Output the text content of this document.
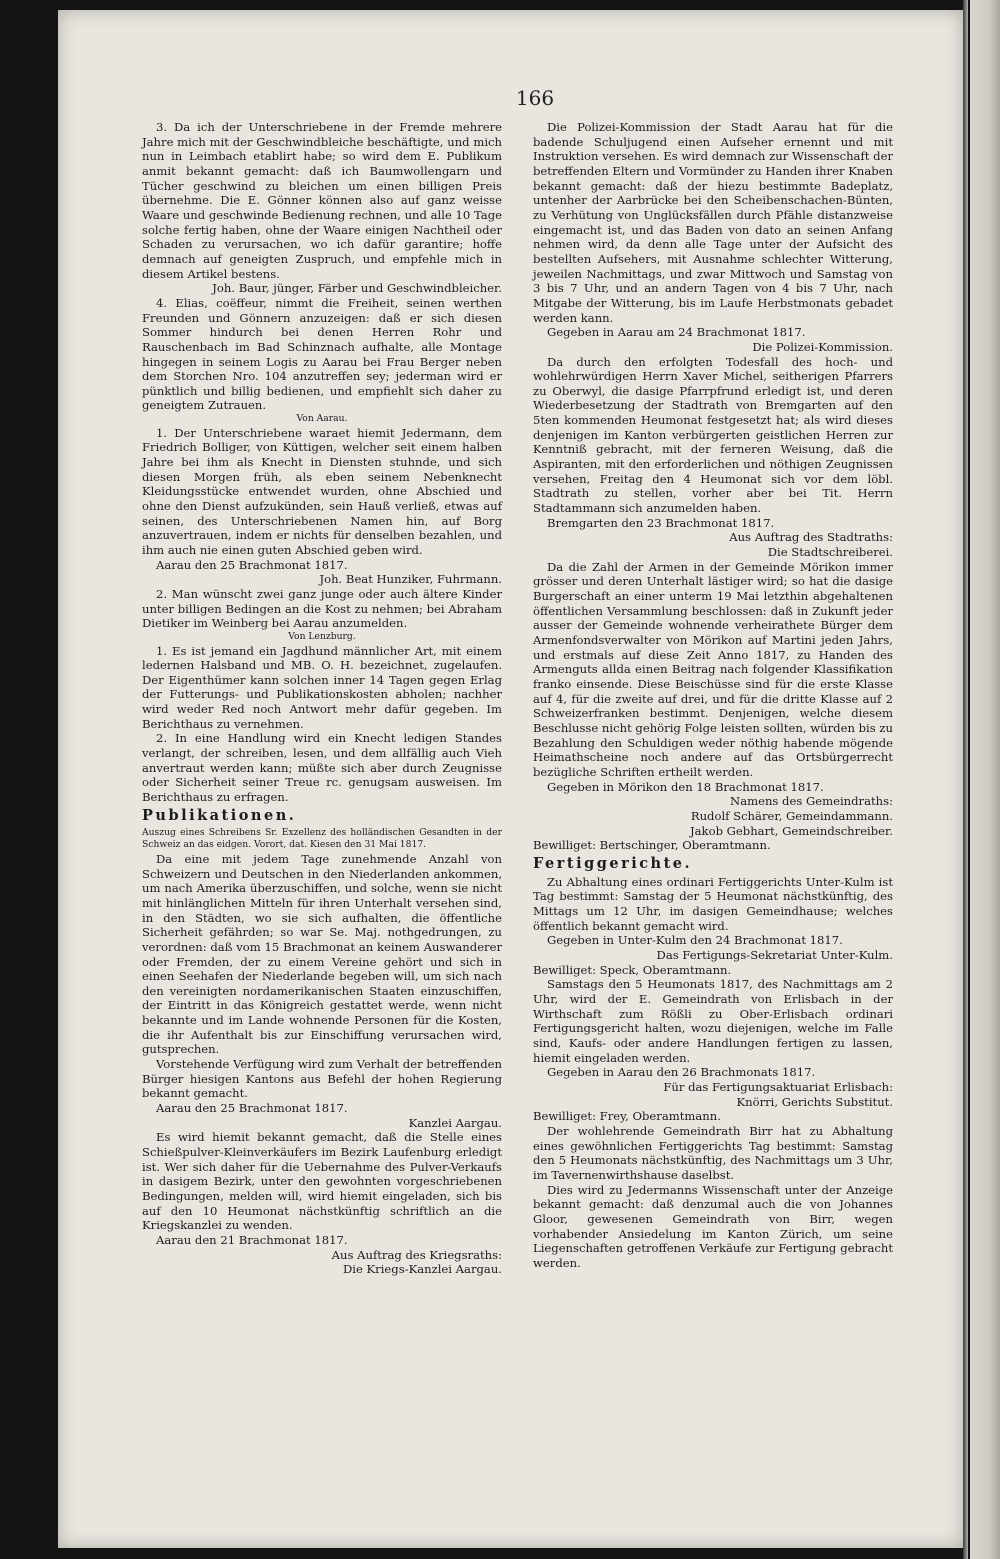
166

3. Da ich der Unterschriebene in der Fremde mehrere Jahre mich mit der Geschwindbleiche beschäftigte, und mich nun in Leimbach etablirt habe; so wird dem E. Publikum anmit bekannt gemacht: daß ich Baumwollengarn und Tücher geschwind zu bleichen um einen billigen Preis übernehme. Die E. Gönner können also auf ganz weisse Waare und geschwinde Bedienung rechnen, und alle 10 Tage solche fertig haben, ohne der Waare einigen Nachtheil oder Schaden zu verursachen, wo ich dafür garantire; hoffe demnach auf geneigten Zuspruch, und empfehle mich in diesem Artikel bestens.

Joh. Baur, jünger, Färber und Geschwindbleicher.

4. Elias, coëffeur, nimmt die Freiheit, seinen werthen Freunden und Gönnern anzuzeigen: daß er sich diesen Sommer hindurch bei denen Herren Rohr und Rauschenbach im Bad Schinznach aufhalte, alle Montage hingegen in seinem Logis zu Aarau bei Frau Berger neben dem Storchen Nro. 104 anzutreffen sey; jederman wird er pünktlich und billig bedienen, und empfiehlt sich daher zu geneigtem Zutrauen.

Von Aarau.

1. Der Unterschriebene waraet hiemit Jedermann, dem Friedrich Bolliger, von Küttigen, welcher seit einem halben Jahre bei ihm als Knecht in Diensten stuhnde, und sich diesen Morgen früh, als eben seinem Nebenknecht Kleidungsstücke entwendet wurden, ohne Abschied und ohne den Dienst aufzukünden, sein Hauß verließ, etwas auf seinen, des Unterschriebenen Namen hin, auf Borg anzuvertrauen, indem er nichts für denselben bezahlen, und ihm auch nie einen guten Abschied geben wird.

Aarau den 25 Brachmonat 1817.

Joh. Beat Hunziker, Fuhrmann.

2. Man wünscht zwei ganz junge oder auch ältere Kinder unter billigen Bedingen an die Kost zu nehmen; bei Abraham Dietiker im Weinberg bei Aarau anzumelden.

Von Lenzburg.

1. Es ist jemand ein Jagdhund männlicher Art, mit einem ledernen Halsband und MB. O. H. bezeichnet, zugelaufen. Der Eigenthümer kann solchen inner 14 Tagen gegen Erlag der Futterungs- und Publikationskosten abholen; nachher wird weder Red noch Antwort mehr dafür gegeben. Im Berichthaus zu vernehmen.

2. In eine Handlung wird ein Knecht ledigen Standes verlangt, der schreiben, lesen, und dem allfällig auch Vieh anvertraut werden kann; müßte sich aber durch Zeugnisse oder Sicherheit seiner Treue rc. genugsam ausweisen. Im Berichthaus zu erfragen.

Publikationen.

Auszug eines Schreibens Sr. Exzellenz des holländischen Gesandten in der Schweiz an das eidgen. Vorort, dat. Kiesen den 31 Mai 1817.

Da eine mit jedem Tage zunehmende Anzahl von Schweizern und Deutschen in den Niederlanden ankommen, um nach Amerika überzuschiffen, und solche, wenn sie nicht mit hinlänglichen Mitteln für ihren Unterhalt versehen sind, in den Städten, wo sie sich aufhalten, die öffentliche Sicherheit gefährden; so war Se. Maj. nothgedrungen, zu verordnen: daß vom 15 Brachmonat an keinem Auswanderer oder Fremden, der zu einem Vereine gehört und sich in einen Seehafen der Niederlande begeben will, um sich nach den vereinigten nordamerikanischen Staaten einzuschiffen, der Eintritt in das Königreich gestattet werde, wenn nicht bekannte und im Lande wohnende Personen für die Kosten, die ihr Aufenthalt bis zur Einschiffung verursachen wird, gutsprechen.

Vorstehende Verfügung wird zum Verhalt der betreffenden Bürger hiesigen Kantons aus Befehl der hohen Regierung bekannt gemacht.

Aarau den 25 Brachmonat 1817.

Kanzlei Aargau.

Es wird hiemit bekannt gemacht, daß die Stelle eines Schießpulver-Kleinverkäufers im Bezirk Laufenburg erledigt ist. Wer sich daher für die Uebernahme des Pulver-Verkaufs in dasigem Bezirk, unter den gewohnten vorgeschriebenen Bedingungen, melden will, wird hiemit eingeladen, sich bis auf den 10 Heumonat nächstkünftig schriftlich an die Kriegskanzlei zu wenden.

Aarau den 21 Brachmonat 1817.

Aus Auftrag des Kriegsraths:

Die Kriegs-Kanzlei Aargau.

Die Polizei-Kommission der Stadt Aarau hat für die badende Schuljugend einen Aufseher ernennt und mit Instruktion versehen. Es wird demnach zur Wissenschaft der betreffenden Eltern und Vormünder zu Handen ihrer Knaben bekannt gemacht: daß der hiezu bestimmte Badeplatz, untenher der Aarbrücke bei den Scheibenschachen-Bünten, zu Verhütung von Unglücksfällen durch Pfähle distanzweise eingemacht ist, und das Baden von dato an seinen Anfang nehmen wird, da denn alle Tage unter der Aufsicht des bestellten Aufsehers, mit Ausnahme schlechter Witterung, jeweilen Nachmittags, und zwar Mittwoch und Samstag von 3 bis 7 Uhr, und an andern Tagen von 4 bis 7 Uhr, nach Mitgabe der Witterung, bis im Laufe Herbstmonats gebadet werden kann.

Gegeben in Aarau am 24 Brachmonat 1817.

Die Polizei-Kommission.

Da durch den erfolgten Todesfall des hoch- und wohlehrwürdigen Herrn Xaver Michel, seitherigen Pfarrers zu Oberwyl, die dasige Pfarrpfrund erledigt ist, und deren Wiederbesetzung der Stadtrath von Bremgarten auf den 5ten kommenden Heumonat festgesetzt hat; als wird dieses denjenigen im Kanton verbürgerten geistlichen Herren zur Kenntniß gebracht, mit der ferneren Weisung, daß die Aspiranten, mit den erforderlichen und nöthigen Zeugnissen versehen, Freitag den 4 Heumonat sich vor dem löbl. Stadtrath zu stellen, vorher aber bei Tit. Herrn Stadtammann sich anzumelden haben.

Bremgarten den 23 Brachmonat 1817.

Aus Auftrag des Stadtraths:

Die Stadtschreiberei.

Da die Zahl der Armen in der Gemeinde Mörikon immer grösser und deren Unterhalt lästiger wird; so hat die dasige Burgerschaft an einer unterm 19 Mai letzthin abgehaltenen öffentlichen Versammlung beschlossen: daß in Zukunft jeder ausser der Gemeinde wohnende verheirathete Bürger dem Armenfondsverwalter von Mörikon auf Martini jeden Jahrs, und erstmals auf diese Zeit Anno 1817, zu Handen des Armenguts allda einen Beitrag nach folgender Klassifikation franko einsende. Diese Beischüsse sind für die erste Klasse auf 4, für die zweite auf drei, und für die dritte Klasse auf 2 Schweizerfranken bestimmt. Denjenigen, welche diesem Beschlusse nicht gehörig Folge leisten sollten, würden bis zu Bezahlung den Schuldigen weder nöthig habende mögende Heimathscheine noch andere auf das Ortsbürgerrecht bezügliche Schriften ertheilt werden.

Gegeben in Mörikon den 18 Brachmonat 1817.

Namens des Gemeindraths:

Rudolf Schärer, Gemeindammann.

Jakob Gebhart, Gemeindschreiber.

Bewilliget: Bertschinger, Oberamtmann.

Fertiggerichte.

Zu Abhaltung eines ordinari Fertiggerichts Unter-Kulm ist Tag bestimmt: Samstag der 5 Heumonat nächstkünftig, des Mittags um 12 Uhr, im dasigen Gemeindhause; welches öffentlich bekannt gemacht wird.

Gegeben in Unter-Kulm den 24 Brachmonat 1817.

Das Fertigungs-Sekretariat Unter-Kulm.

Bewilliget: Speck, Oberamtmann.

Samstags den 5 Heumonats 1817, des Nachmittags am 2 Uhr, wird der E. Gemeindrath von Erlisbach in der Wirthschaft zum Rößli zu Ober-Erlisbach ordinari Fertigungsgericht halten, wozu diejenigen, welche im Falle sind, Kaufs- oder andere Handlungen fertigen zu lassen, hiemit eingeladen werden.

Gegeben in Aarau den 26 Brachmonats 1817.

Für das Fertigungsaktuariat Erlisbach:

Knörri, Gerichts Substitut.

Bewilliget: Frey, Oberamtmann.

Der wohlehrende Gemeindrath Birr hat zu Abhaltung eines gewöhnlichen Fertiggerichts Tag bestimmt: Samstag den 5 Heumonats nächstkünftig, des Nachmittags um 3 Uhr, im Tavernenwirthshause daselbst.

Dies wird zu Jedermanns Wissenschaft unter der Anzeige bekannt gemacht: daß denzumal auch die von Johannes Gloor, gewesenen Gemeindrath von Birr, wegen vorhabender Ansiedelung im Kanton Zürich, um seine Liegenschaften getroffenen Verkäufe zur Fertigung gebracht werden.
